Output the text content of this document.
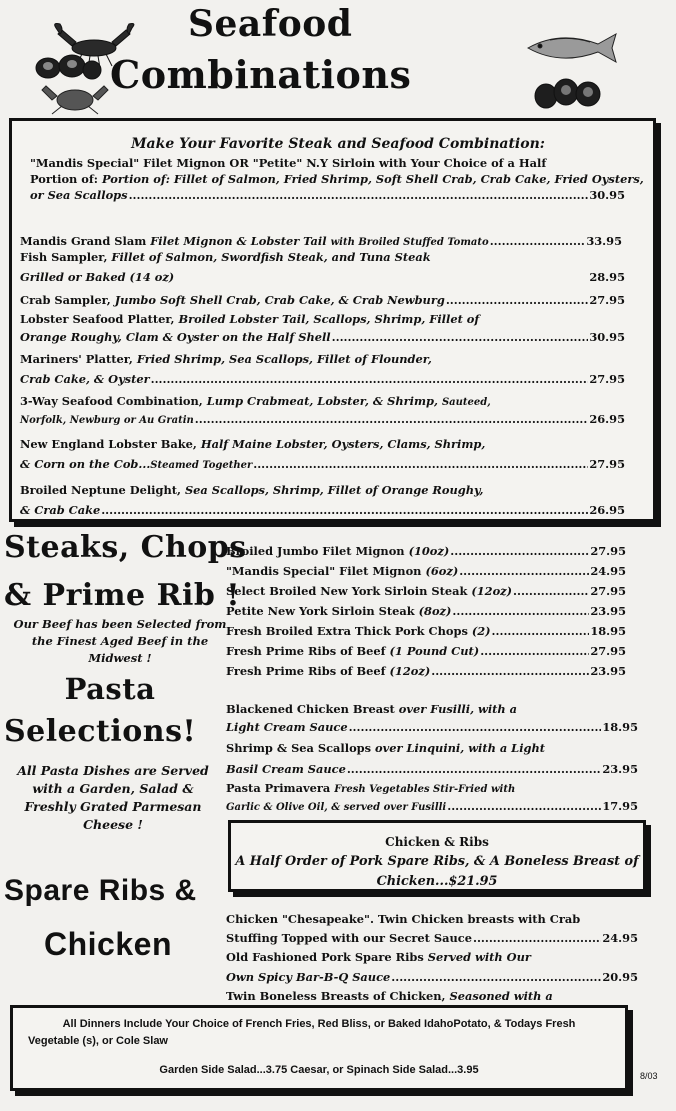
Seafood
Combinations
Make Your Favorite Steak and Seafood Combination:
"Mandis Special" Filet Mignon OR "Petite" N.Y Sirloin with Your Choice of a Half
Portion of: Portion of: Fillet of Salmon, Fried Shrimp, Soft Shell Crab, Crab Cake, Fried Oysters,
or Sea Scallops .....	30.95
Mandis Grand Slam Filet Mignon & Lobster Tail with Broiled Stuffed Tomato .....	33.95
Fish Sampler, Fillet of Salmon, Swordfish Steak, and Tuna Steak
Grilled or Baked (14 oz)	28.95
Crab Sampler, Jumbo Soft Shell Crab, Crab Cake, & Crab Newburg .....	27.95
Lobster Seafood Platter, Broiled Lobster Tail, Scallops, Shrimp, Fillet of
Orange Roughy, Clam & Oyster on the Half Shell .....	30.95
Mariners' Platter, Fried Shrimp, Sea Scallops, Fillet of Flounder,
Crab Cake, & Oyster .....	27.95
3-Way Seafood Combination, Lump Crabmeat, Lobster, & Shrimp, Sauteed,
Norfolk, Newburg or Au Gratin .....	26.95
New England Lobster Bake, Half Maine Lobster, Oysters, Clams, Shrimp,
& Corn on the Cob...Steamed Together .....	27.95
Broiled Neptune Delight, Sea Scallops, Shrimp, Fillet of Orange Roughy,
& Crab Cake .....	26.95
Steaks, Chops
& Prime Rib !
Our Beef has been Selected from
the Finest Aged Beef in the
Midwest !
Broiled Jumbo Filet Mignon (10oz) .....	27.95
"Mandis Special" Filet Mignon (6oz) .....	24.95
Select Broiled New York Sirloin Steak (12oz) .....	27.95
Petite New York Sirloin Steak (8oz) .....	23.95
Fresh Broiled Extra Thick Pork Chops (2) .....	18.95
Fresh Prime Ribs of Beef (1 Pound Cut) .....	27.95
Fresh Prime Ribs of Beef (12oz) .....	23.95
Pasta
Selections!
All Pasta Dishes are Served
with a Garden, Salad &
Freshly Grated Parmesan
Cheese !
Blackened Chicken Breast over Fusilli, with a
Light Cream Sauce .....	18.95
Shrimp & Sea Scallops over Linquini, with a Light
Basil Cream Sauce .....	23.95
Pasta Primavera Fresh Vegetables Stir-Fried with
Garlic & Olive Oil, & served over Fusilli .....	17.95
Chicken & Ribs
A Half Order of Pork Spare Ribs, & A Boneless Breast of
Chicken...$21.95
Spare Ribs &
Chicken
Chicken "Chesapeake". Twin Chicken breasts with Crab
Stuffing Topped with our Secret Sauce .....	24.95
Old Fashioned Pork Spare Ribs Served with Our
Own Spicy Bar-B-Q Sauce .....	20.95
Twin Boneless Breasts of Chicken, Seasoned with a
All Dinners Include Your Choice of French Fries, Red Bliss, or Baked IdahoPotato, & Todays Fresh
Vegetable (s), or Cole Slaw
Garden Side Salad...3.75 Caesar, or Spinach Side Salad...3.95	8/03
